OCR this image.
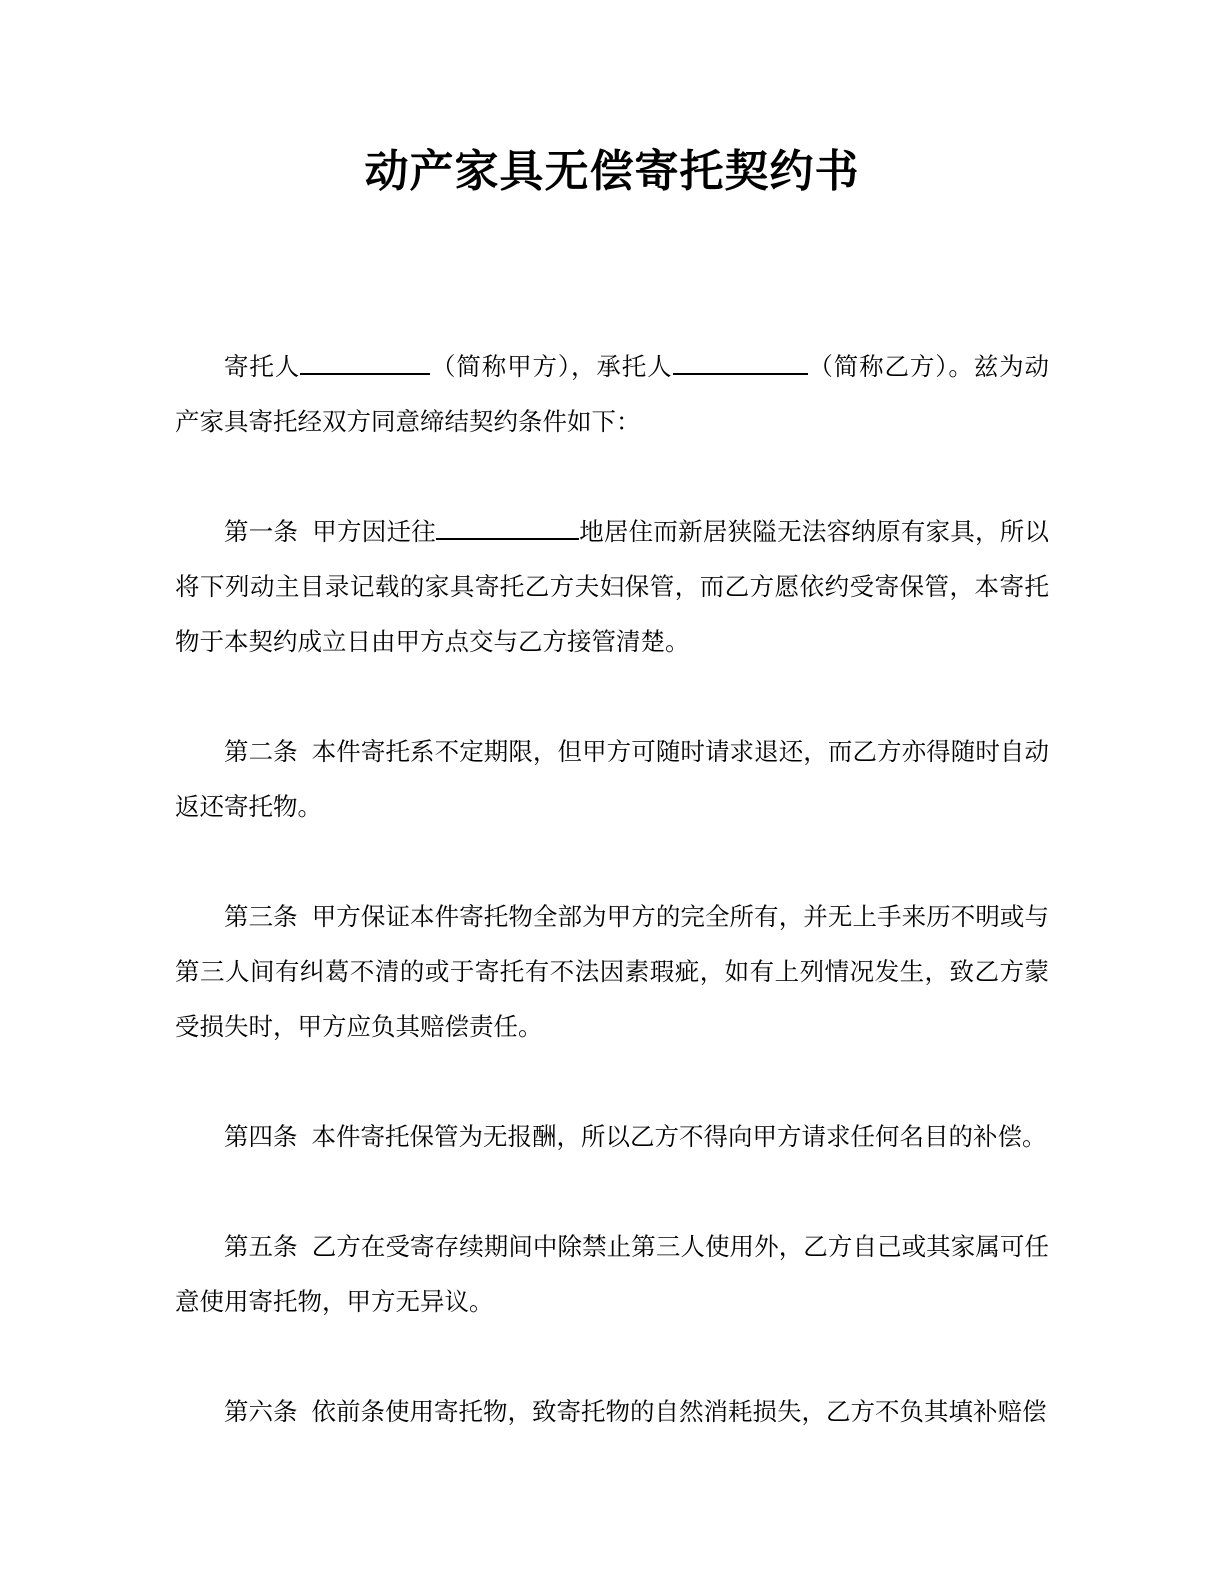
动产家具无偿寄托契约书

寄托人	（简称甲方），承托人	（简称乙方）。兹为动产家具寄托经双方同意缔结契约条件如下：

第一条 甲方因迁往	地居住而新居狭隘无法容纳原有家具，所以将下列动主目录记载的家具寄托乙方夫妇保管，而乙方愿依约受寄保管，本寄托物于本契约成立日由甲方点交与乙方接管清楚。

第二条 本件寄托系不定期限，但甲方可随时请求退还，而乙方亦得随时自动返还寄托物。

第三条 甲方保证本件寄托物全部为甲方的完全所有，并无上手来历不明或与第三人间有纠葛不清的或于寄托有不法因素瑕疵，如有上列情况发生，致乙方蒙受损失时，甲方应负其赔偿责任。

第四条 本件寄托保管为无报酬，所以乙方不得向甲方请求任何名目的补偿。

第五条 乙方在受寄存续期间中除禁止第三人使用外，乙方自己或其家属可任意使用寄托物，甲方无异议。

第六条 依前条使用寄托物，致寄托物的自然消耗损失，乙方不负其填补赔偿
